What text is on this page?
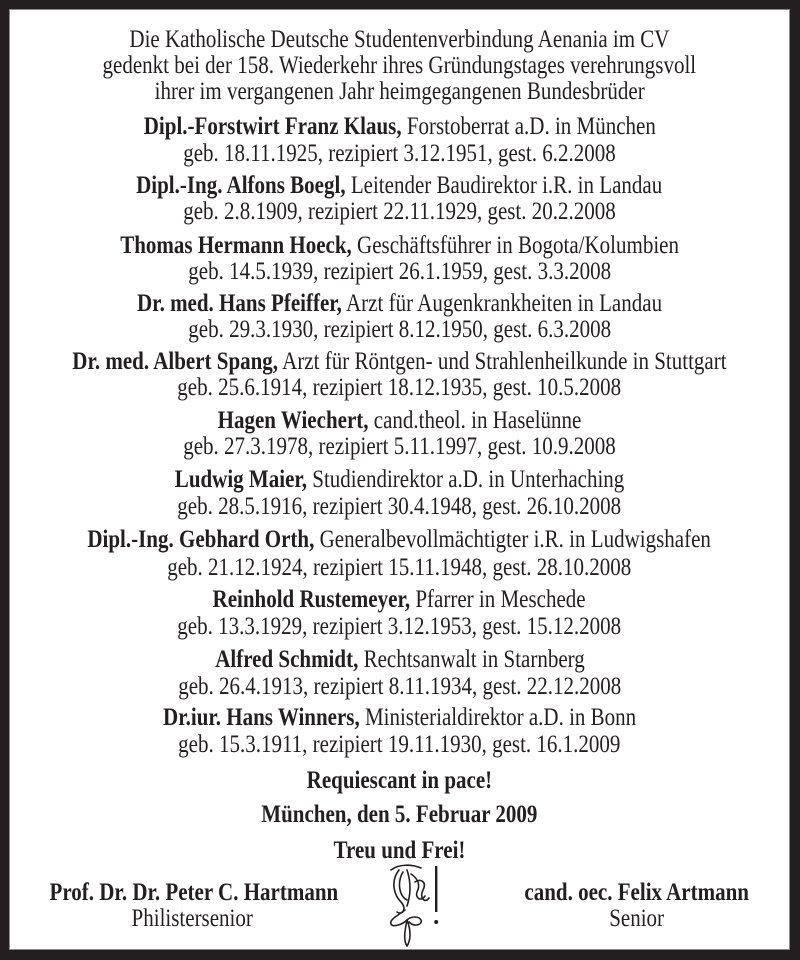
Die Katholische Deutsche Studentenverbindung Aenania im CV
gedenkt bei der 158. Wiederkehr ihres Gründungstages verehrungsvoll
ihrer im vergangenen Jahr heimgegangenen Bundesbrüder
Dipl.-Forstwirt Franz Klaus, Forstoberrat a.D. in München
geb. 18.11.1925, rezipiert 3.12.1951, gest. 6.2.2008
Dipl.-Ing. Alfons Boegl, Leitender Baudirektor i.R. in Landau
geb. 2.8.1909, rezipiert 22.11.1929, gest. 20.2.2008
Thomas Hermann Hoeck, Geschäftsführer in Bogota/Kolumbien
geb. 14.5.1939, rezipiert 26.1.1959, gest. 3.3.2008
Dr. med. Hans Pfeiffer, Arzt für Augenkrankheiten in Landau
geb. 29.3.1930, rezipiert 8.12.1950, gest. 6.3.2008
Dr. med. Albert Spang, Arzt für Röntgen- und Strahlenheilkunde in Stuttgart
geb. 25.6.1914, rezipiert 18.12.1935, gest. 10.5.2008
Hagen Wiechert, cand.theol. in Haselünne
geb. 27.3.1978, rezipiert 5.11.1997, gest. 10.9.2008
Ludwig Maier, Studiendirektor a.D. in Unterhaching
geb. 28.5.1916, rezipiert 30.4.1948, gest. 26.10.2008
Dipl.-Ing. Gebhard Orth, Generalbevollmächtigter i.R. in Ludwigshafen
geb. 21.12.1924, rezipiert 15.11.1948, gest. 28.10.2008
Reinhold Rustemeyer, Pfarrer in Meschede
geb. 13.3.1929, rezipiert 3.12.1953, gest. 15.12.2008
Alfred Schmidt, Rechtsanwalt in Starnberg
geb. 26.4.1913, rezipiert 8.11.1934, gest. 22.12.2008
Dr.iur. Hans Winners, Ministerialdirektor a.D. in Bonn
geb. 15.3.1911, rezipiert 19.11.1930, gest. 16.1.2009
Requiescant in pace!
München, den 5. Februar 2009
Treu und Frei!
Prof. Dr. Dr. Peter C. Hartmann
Philistersenior
cand. oec. Felix Artmann
Senior
